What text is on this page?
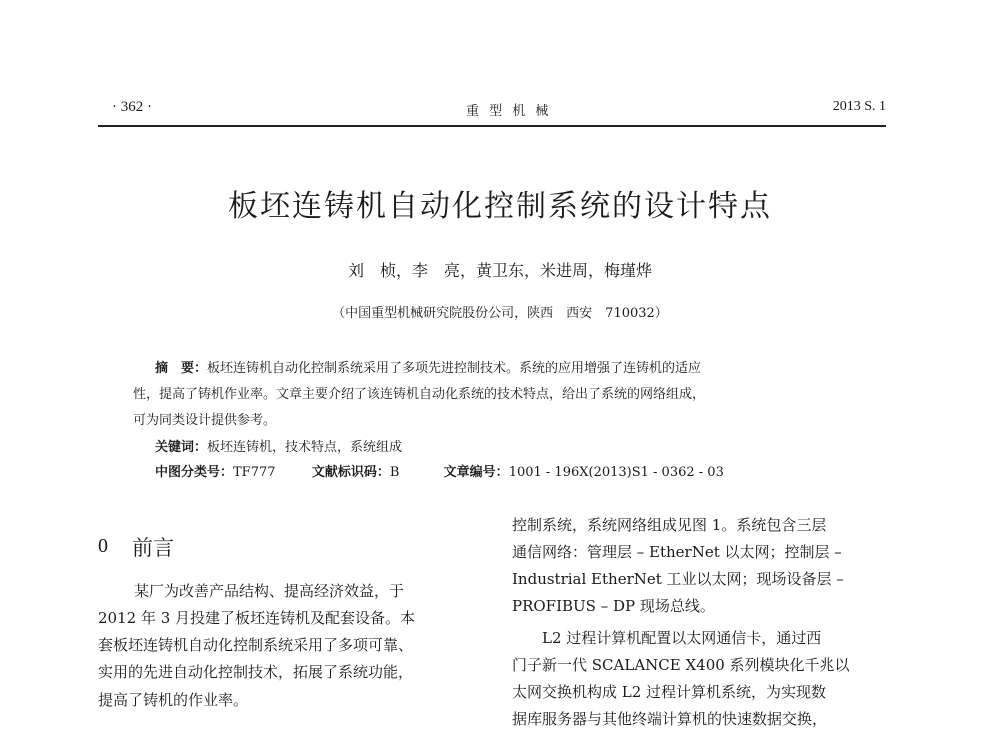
· 362 ·	重 型 机 械	2013 S. 1
板坯连铸机自动化控制系统的设计特点
刘　桢，李　亮，黄卫东，米进周，梅瑾烨
（中国重型机械研究院股份公司，陕西　西安　710032）
摘　要：板坯连铸机自动化控制系统采用了多项先进控制技术。系统的应用增强了连铸机的适应
性，提高了铸机作业率。文章主要介绍了该连铸机自动化系统的技术特点，给出了系统的网络组成，
可为同类设计提供参考。
关键词：板坯连铸机，技术特点，系统组成
中图分类号：TF777	文献标识码：B	文章编号：1001 - 196X(2013)S1 - 0362 - 03
0 前言
某厂为改善产品结构、提高经济效益，于
2012 年 3 月投建了板坯连铸机及配套设备。本
套板坯连铸机自动化控制系统采用了多项可靠、
实用的先进自动化控制技术，拓展了系统功能，
提高了铸机的作业率。
控制系统，系统网络组成见图 1。系统包含三层
通信网络：管理层 – EtherNet 以太网；控制层 –
Industrial EtherNet 工业以太网；现场设备层 –
PROFIBUS – DP 现场总线。
L2 过程计算机配置以太网通信卡，通过西
门子新一代 SCALANCE X400 系列模块化千兆以
太网交换机构成 L2 过程计算机系统，为实现数
据库服务器与其他终端计算机的快速数据交换，
